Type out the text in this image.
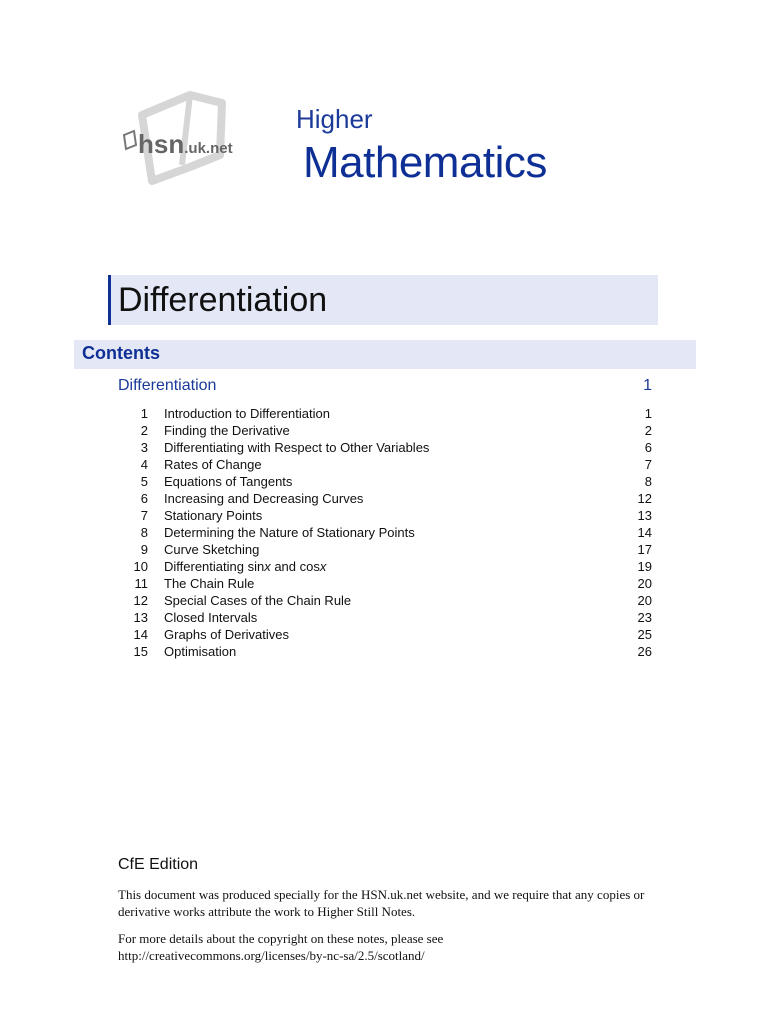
hsn.uk.net
Higher
Mathematics
Differentiation
Contents
Differentiation	1
1 Introduction to Differentiation	1
2 Finding the Derivative	2
3 Differentiating with Respect to Other Variables	6
4 Rates of Change	7
5 Equations of Tangents	8
6 Increasing and Decreasing Curves	12
7 Stationary Points	13
8 Determining the Nature of Stationary Points	14
9 Curve Sketching	17
10 Differentiating sinx and cosx	19
11 The Chain Rule	20
12 Special Cases of the Chain Rule	20
13 Closed Intervals	23
14 Graphs of Derivatives	25
15 Optimisation	26
CfE Edition
This document was produced specially for the HSN.uk.net website, and we require that any copies or derivative works attribute the work to Higher Still Notes.
For more details about the copyright on these notes, please see
http://creativecommons.org/licenses/by-nc-sa/2.5/scotland/
